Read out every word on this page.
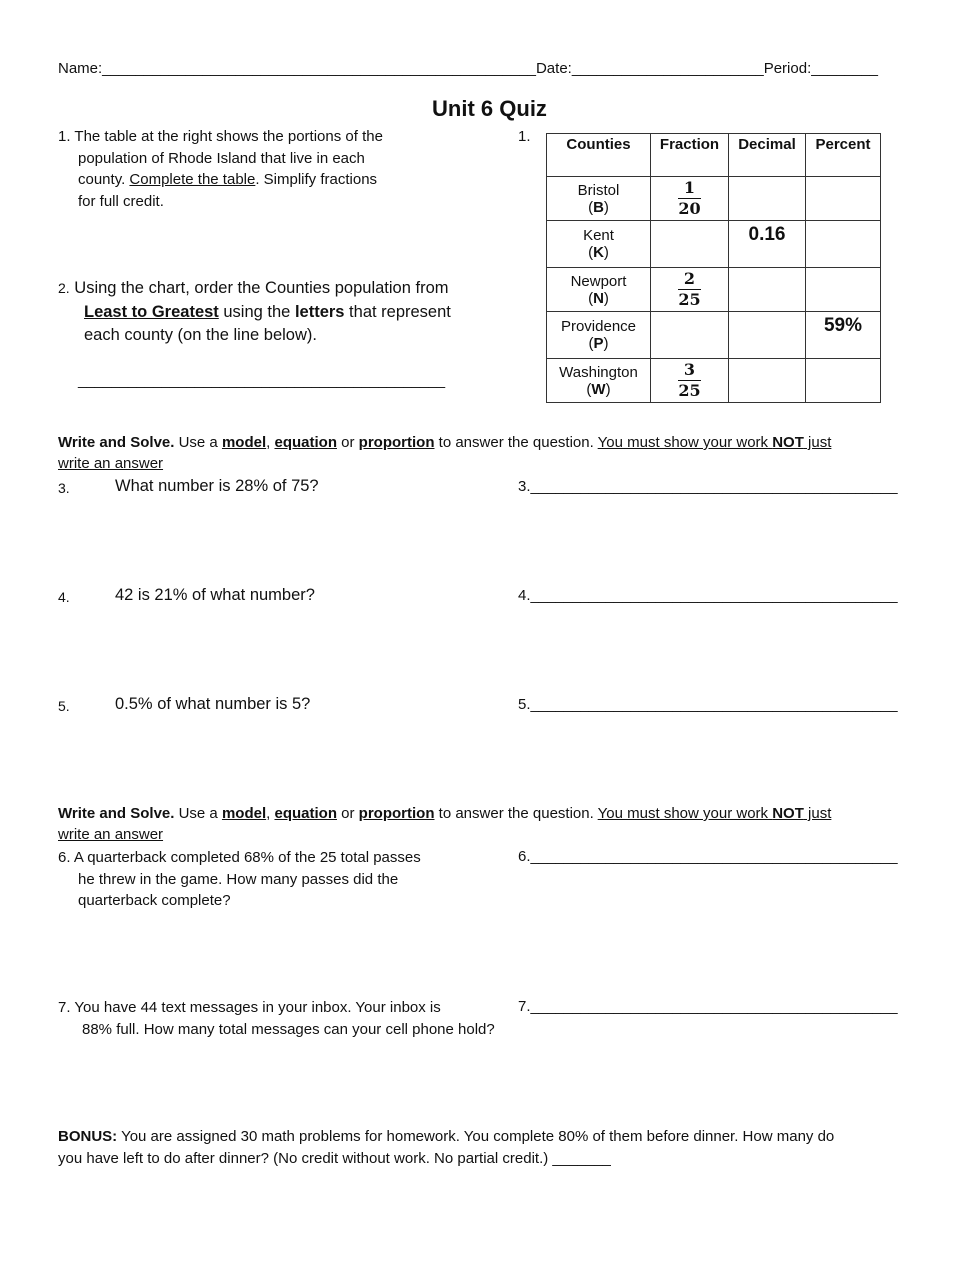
Name:____________________________________________________Date:_______________________Period:________
Unit 6 Quiz
1. The table at the right shows the portions of the

population of Rhode Island that live in each
county. Complete the table. Simplify fractions
for full credit.
1.
2. Using the chart, order the Counties population from
Least to Greatest using the letters that represent
each county (on the line below).
____________________________________________
Counties	Fraction	Decimal	Percent
Bristol
(B)	$\frac{1}{20}$

Kent
(K)		0.16	
Newport
(N)	$\frac{2}{25}$

Providence
(P)			59%
Washington
(W)	$\frac{3}{25}$

Write and Solve. Use a model, equation or proportion to answer the question. You must show your work NOT just
write an answer
3.	What number is 28% of 75?	3.____________________________________________
4.	42 is 21% of what number?	4.____________________________________________
5.	0.5% of what number is 5?	5.____________________________________________
Write and Solve. Use a model, equation or proportion to answer the question. You must show your work NOT just
write an answer
6. A quarterback completed 68% of the 25 total passes

he threw in the game. How many passes did the
quarterback complete?
6.____________________________________________
7. You have 44 text messages in your inbox. Your inbox is

88% full. How many total messages can your cell phone hold?
7.____________________________________________
BONUS: You are assigned 30 math problems for homework. You complete 80% of them before dinner. How many do
you have left to do after dinner? (No credit without work. No partial credit.) _______
